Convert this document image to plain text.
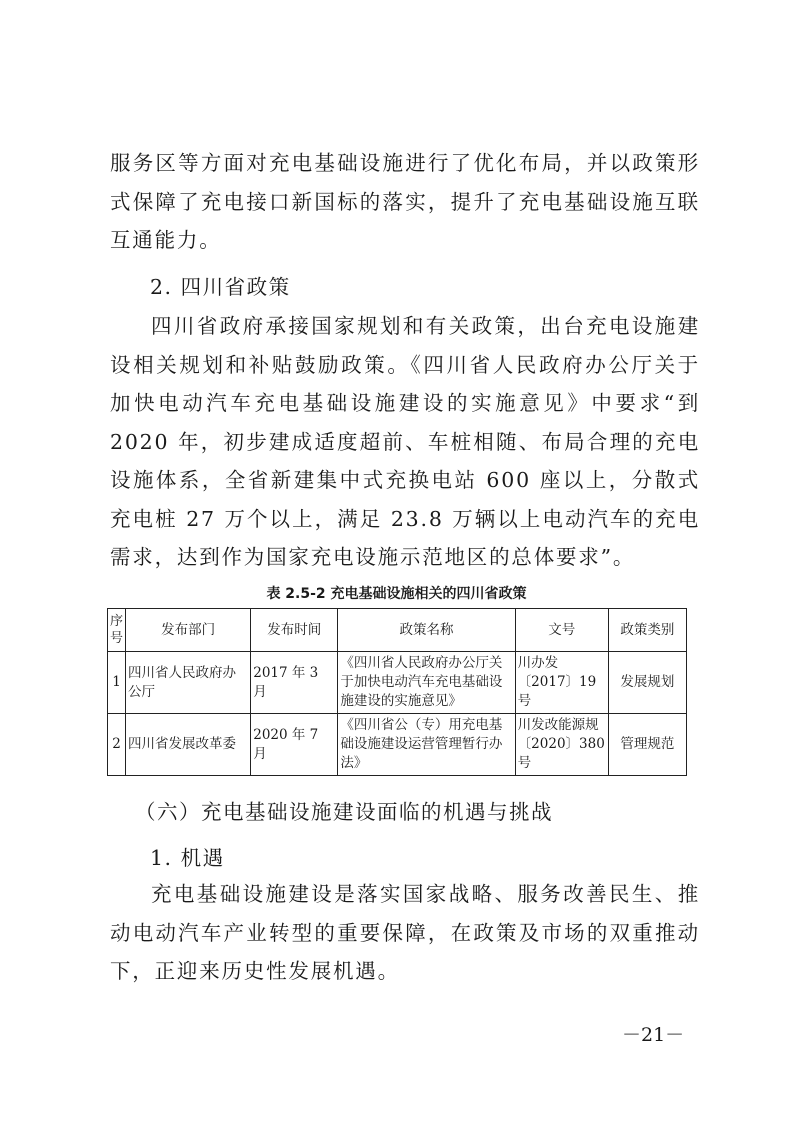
服务区等方面对充电基础设施进行了优化布局，并以政策形式保障了充电接口新国标的落实，提升了充电基础设施互联互通能力。

2. 四川省政策

四川省政府承接国家规划和有关政策，出台充电设施建设相关规划和补贴鼓励政策。《四川省人民政府办公厅关于加快电动汽车充电基础设施建设的实施意见》中要求“到 2020 年，初步建成适度超前、车桩相随、布局合理的充电设施体系，全省新建集中式充换电站 600 座以上，分散式充电桩 27 万个以上，满足 23.8 万辆以上电动汽车的充电需求，达到作为国家充电设施示范地区的总体要求”。

表 2.5-2 充电基础设施相关的四川省政策

序号	发布部门	发布时间	政策名称	文号	政策类别
1	四川省人民政府办公厅	2017 年 3 月	《四川省人民政府办公厅关于加快电动汽车充电基础设施建设的实施意见》	川办发〔2017〕19 号	发展规划
2	四川省发展改革委	2020 年 7 月	《四川省公（专）用充电基础设施建设运营管理暂行办法》	川发改能源规〔2020〕380 号	管理规范

（六）充电基础设施建设面临的机遇与挑战

1. 机遇

充电基础设施建设是落实国家战略、服务改善民生、推动电动汽车产业转型的重要保障，在政策及市场的双重推动下，正迎来历史性发展机遇。

－21－
